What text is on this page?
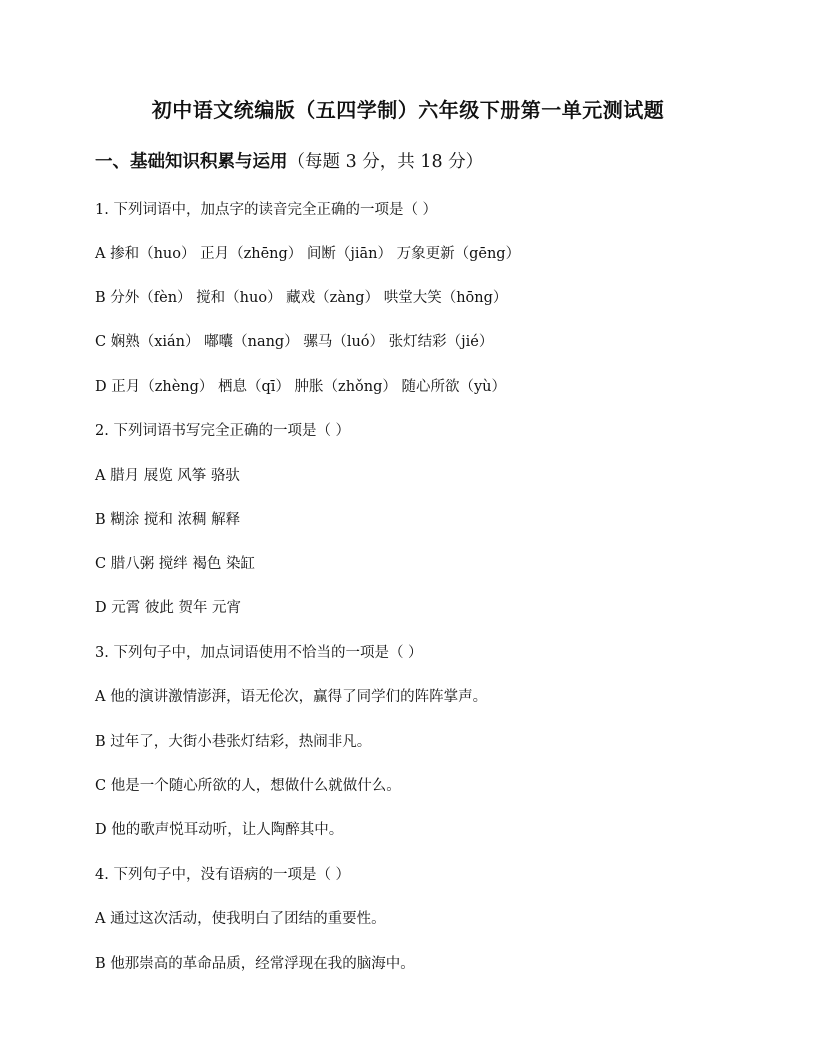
初中语文统编版（五四学制）六年级下册第一单元测试题
一、基础知识积累与运用（每题 3 分，共 18 分）
1. 下列词语中，加点字的读音完全正确的一项是（ ）
A 掺和（huo） 正月（zhēng） 间断（jiān） 万象更新（gēng）
B 分外（fèn） 搅和（huo） 藏戏（zàng） 哄堂大笑（hōng）
C 娴熟（xián） 嘟囔（nang） 骡马（luó） 张灯结彩（jié）
D 正月（zhèng） 栖息（qī） 肿胀（zhǒng） 随心所欲（yù）
2. 下列词语书写完全正确的一项是（ ）
A 腊月 展览 风筝 骆驮
B 糊涂 搅和 浓稠 解释
C 腊八粥 搅绊 褐色 染缸
D 元霄 彼此 贺年 元宵
3. 下列句子中，加点词语使用不恰当的一项是（ ）
A 他的演讲激情澎湃，语无伦次，赢得了同学们的阵阵掌声。
B 过年了，大街小巷张灯结彩，热闹非凡。
C 他是一个随心所欲的人，想做什么就做什么。
D 他的歌声悦耳动听，让人陶醉其中。
4. 下列句子中，没有语病的一项是（ ）
A 通过这次活动，使我明白了团结的重要性。
B 他那崇高的革命品质，经常浮现在我的脑海中。
